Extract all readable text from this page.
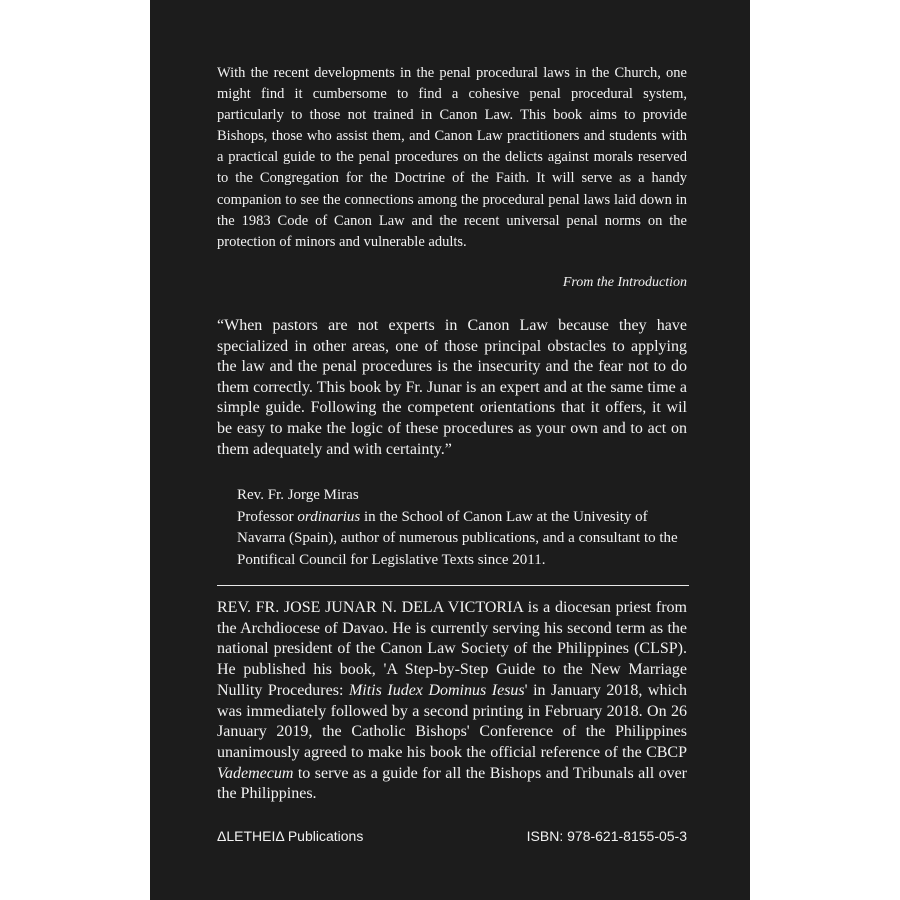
With the recent developments in the penal procedural laws in the Church, one might find it cumbersome to find a cohesive penal procedural system, particularly to those not trained in Canon Law. This book aims to provide Bishops, those who assist them, and Canon Law practitioners and students with a practical guide to the penal procedures on the delicts against morals reserved to the Congregation for the Doctrine of the Faith. It will serve as a handy companion to see the connections among the procedural penal laws laid down in the 1983 Code of Canon Law and the recent universal penal norms on the protection of minors and vulnerable adults.

From the Introduction

“When pastors are not experts in Canon Law because they have specialized in other areas, one of those principal obstacles to applying the law and the penal procedures is the insecurity and the fear not to do them correctly. This book by Fr. Junar is an expert and at the same time a simple guide. Following the competent orientations that it offers, it wil be easy to make the logic of these procedures as your own and to act on them adequately and with certainty.”

Rev. Fr. Jorge Miras
Professor ordinarius in the School of Canon Law at the Univesity of Navarra (Spain), author of numerous publications, and a consultant to the Pontifical Council for Legislative Texts since 2011.

REV. FR. JOSE JUNAR N. DELA VICTORIA is a diocesan priest from the Archdiocese of Davao. He is currently serving his second term as the national president of the Canon Law Society of the Philippines (CLSP). He published his book, 'A Step-by-Step Guide to the New Marriage Nullity Procedures: Mitis Iudex Dominus Iesus' in January 2018, which was immediately followed by a second printing in February 2018. On 26 January 2019, the Catholic Bishops' Conference of the Philippines unanimously agreed to make his book the official reference of the CBCP Vademecum to serve as a guide for all the Bishops and Tribunals all over the Philippines.

ΔLETHEIΔ Publications	ISBN: 978-621-8155-05-3
